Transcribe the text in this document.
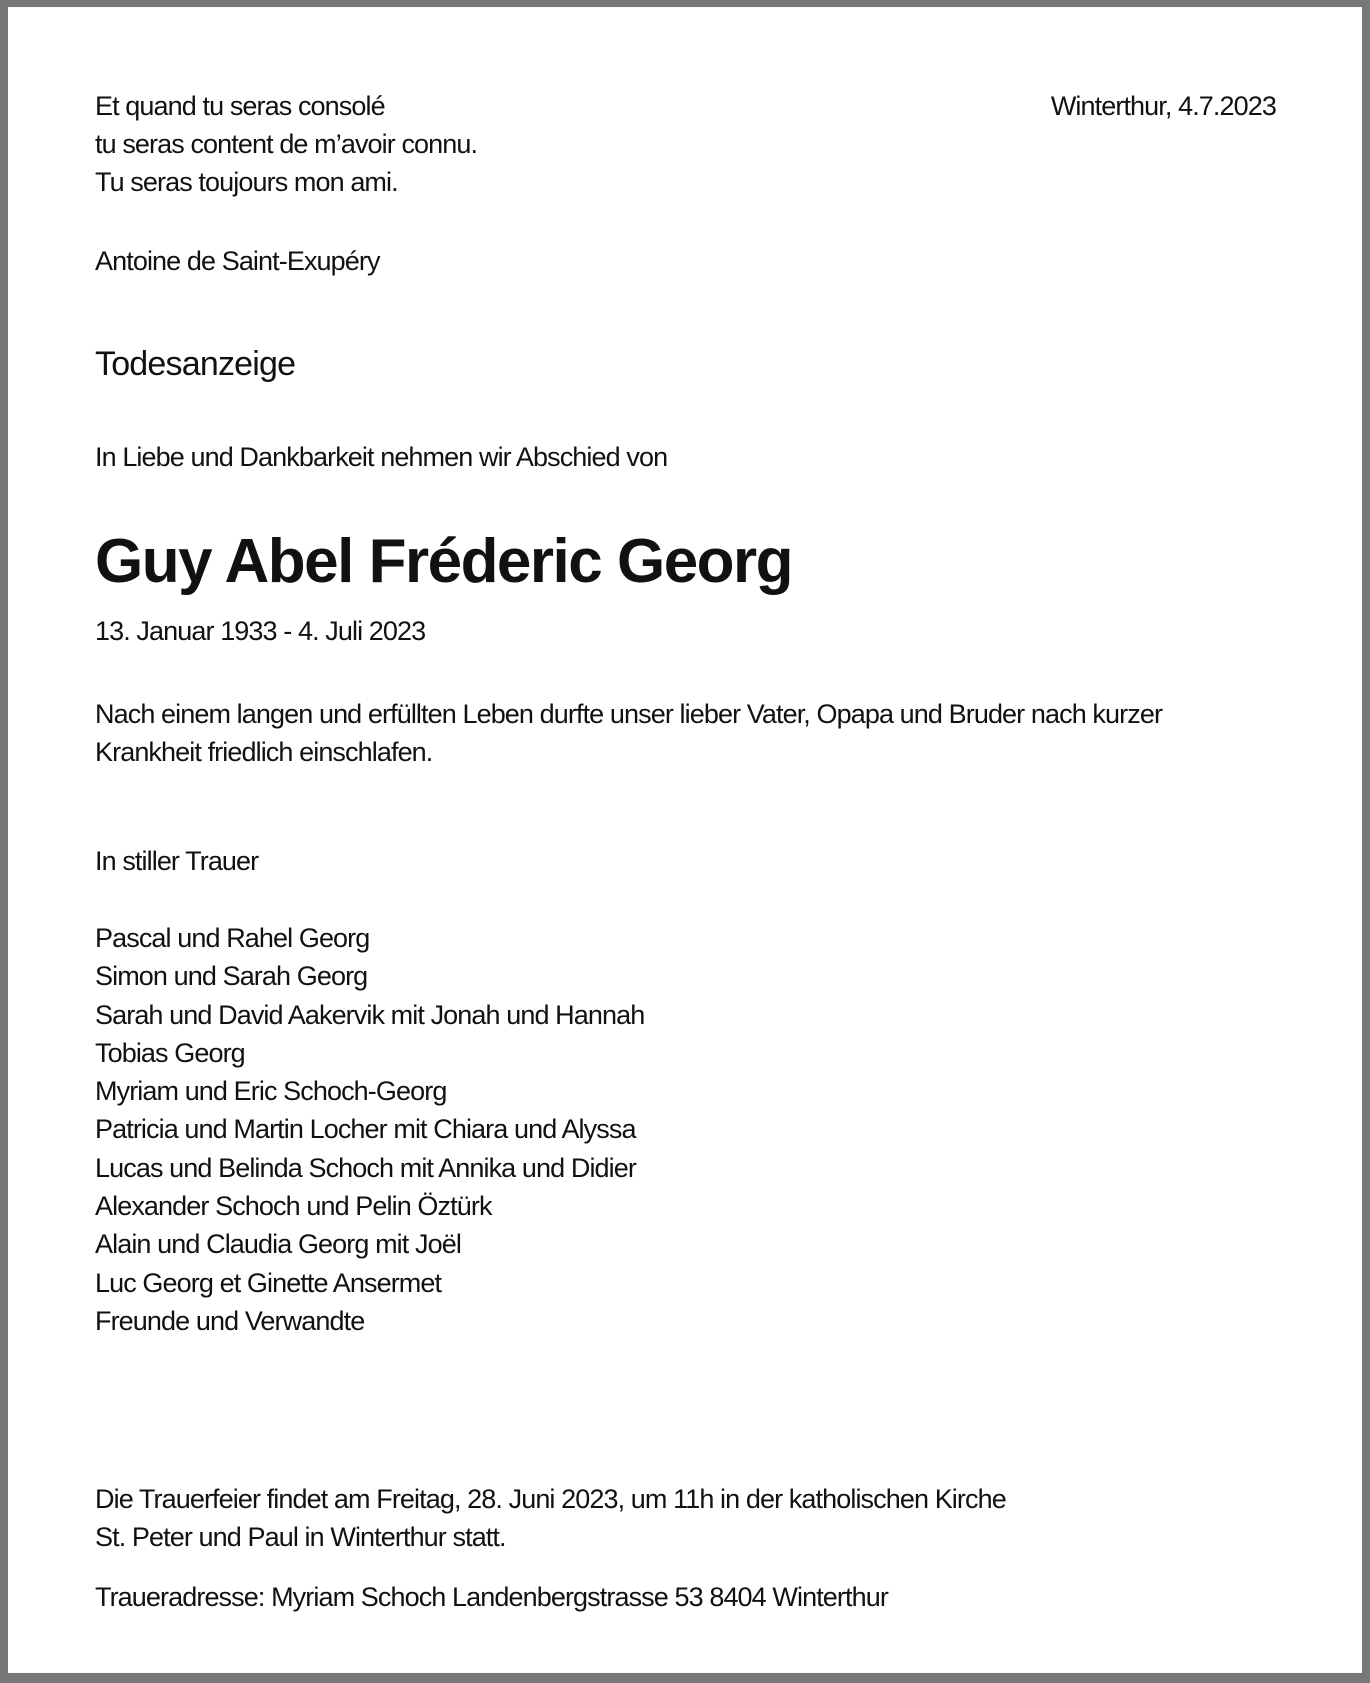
Et quand tu seras consolé
tu seras content de m’avoir connu.
Tu seras toujours mon ami.
Winterthur, 4.7.2023
Antoine de Saint-Exupéry
Todesanzeige
In Liebe und Dankbarkeit nehmen wir Abschied von
Guy Abel Fréderic Georg
13. Januar 1933 - 4. Juli 2023
Nach einem langen und erfüllten Leben durfte unser lieber Vater, Opapa und Bruder nach kurzer
Krankheit friedlich einschlafen.
In stiller Trauer
Pascal und Rahel Georg
Simon und Sarah Georg
Sarah und David Aakervik mit Jonah und Hannah
Tobias Georg
Myriam und Eric Schoch-Georg
Patricia und Martin Locher mit Chiara und Alyssa
Lucas und Belinda Schoch mit Annika und Didier
Alexander Schoch und Pelin Öztürk
Alain und Claudia Georg mit Joël
Luc Georg et Ginette Ansermet
Freunde und Verwandte
Die Trauerfeier findet am Freitag, 28. Juni 2023, um 11h in der katholischen Kirche
St. Peter und Paul in Winterthur statt.
Traueradresse: Myriam Schoch Landenbergstrasse 53 8404 Winterthur
